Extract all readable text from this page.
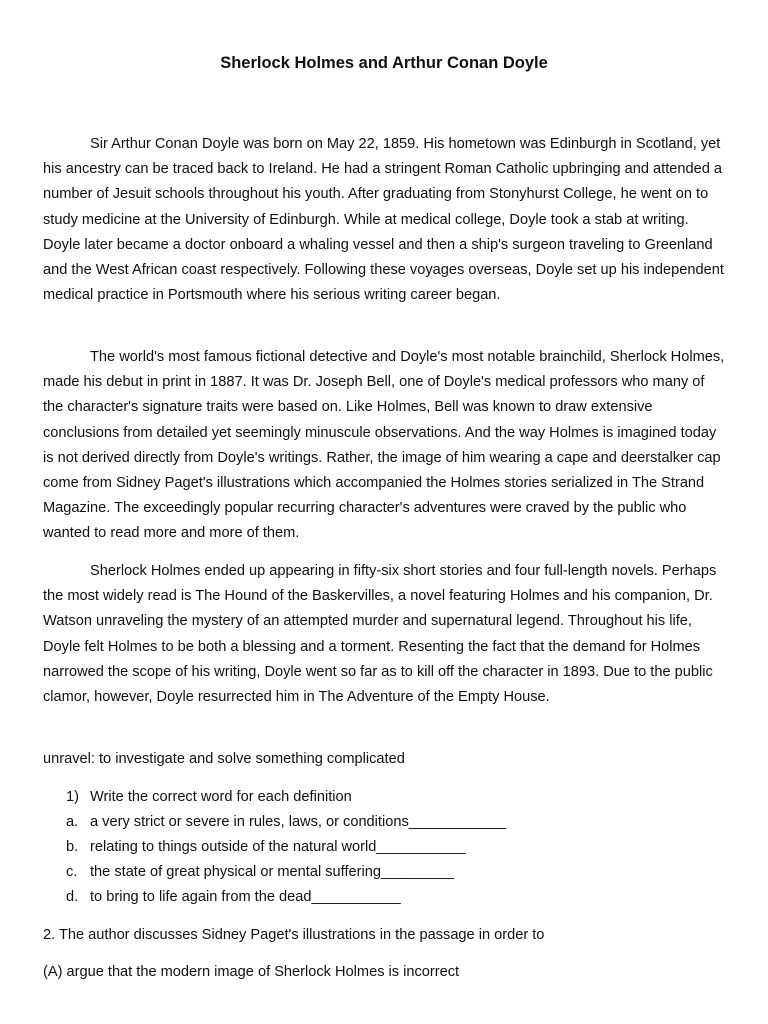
Sherlock Holmes and Arthur Conan Doyle

Sir Arthur Conan Doyle was born on May 22, 1859. His hometown was Edinburgh in Scotland, yet his ancestry can be traced back to Ireland. He had a stringent Roman Catholic upbringing and attended a number of Jesuit schools throughout his youth. After graduating from Stonyhurst College, he went on to study medicine at the University of Edinburgh. While at medical college, Doyle took a stab at writing. Doyle later became a doctor onboard a whaling vessel and then a ship's surgeon traveling to Greenland and the West African coast respectively. Following these voyages overseas, Doyle set up his independent medical practice in Portsmouth where his serious writing career began.

The world's most famous fictional detective and Doyle's most notable brainchild, Sherlock Holmes, made his debut in print in 1887. It was Dr. Joseph Bell, one of Doyle's medical professors who many of the character's signature traits were based on. Like Holmes, Bell was known to draw extensive conclusions from detailed yet seemingly minuscule observations. And the way Holmes is imagined today is not derived directly from Doyle's writings. Rather, the image of him wearing a cape and deerstalker cap come from Sidney Paget's illustrations which accompanied the Holmes stories serialized in The Strand Magazine. The exceedingly popular recurring character's adventures were craved by the public who wanted to read more and more of them.

Sherlock Holmes ended up appearing in fifty-six short stories and four full-length novels. Perhaps the most widely read is The Hound of the Baskervilles, a novel featuring Holmes and his companion, Dr. Watson unraveling the mystery of an attempted murder and supernatural legend. Throughout his life, Doyle felt Holmes to be both a blessing and a torment. Resenting the fact that the demand for Holmes narrowed the scope of his writing, Doyle went so far as to kill off the character in 1893. Due to the public clamor, however, Doyle resurrected him in The Adventure of the Empty House.

unravel: to investigate and solve something complicated

1) Write the correct word for each definition
a. a very strict or severe in rules, laws, or conditions____________
b. relating to things outside of the natural world___________
c. the state of great physical or mental suffering_________
d. to bring to life again from the dead___________

2. The author discusses Sidney Paget's illustrations in the passage in order to

(A) argue that the modern image of Sherlock Holmes is incorrect
